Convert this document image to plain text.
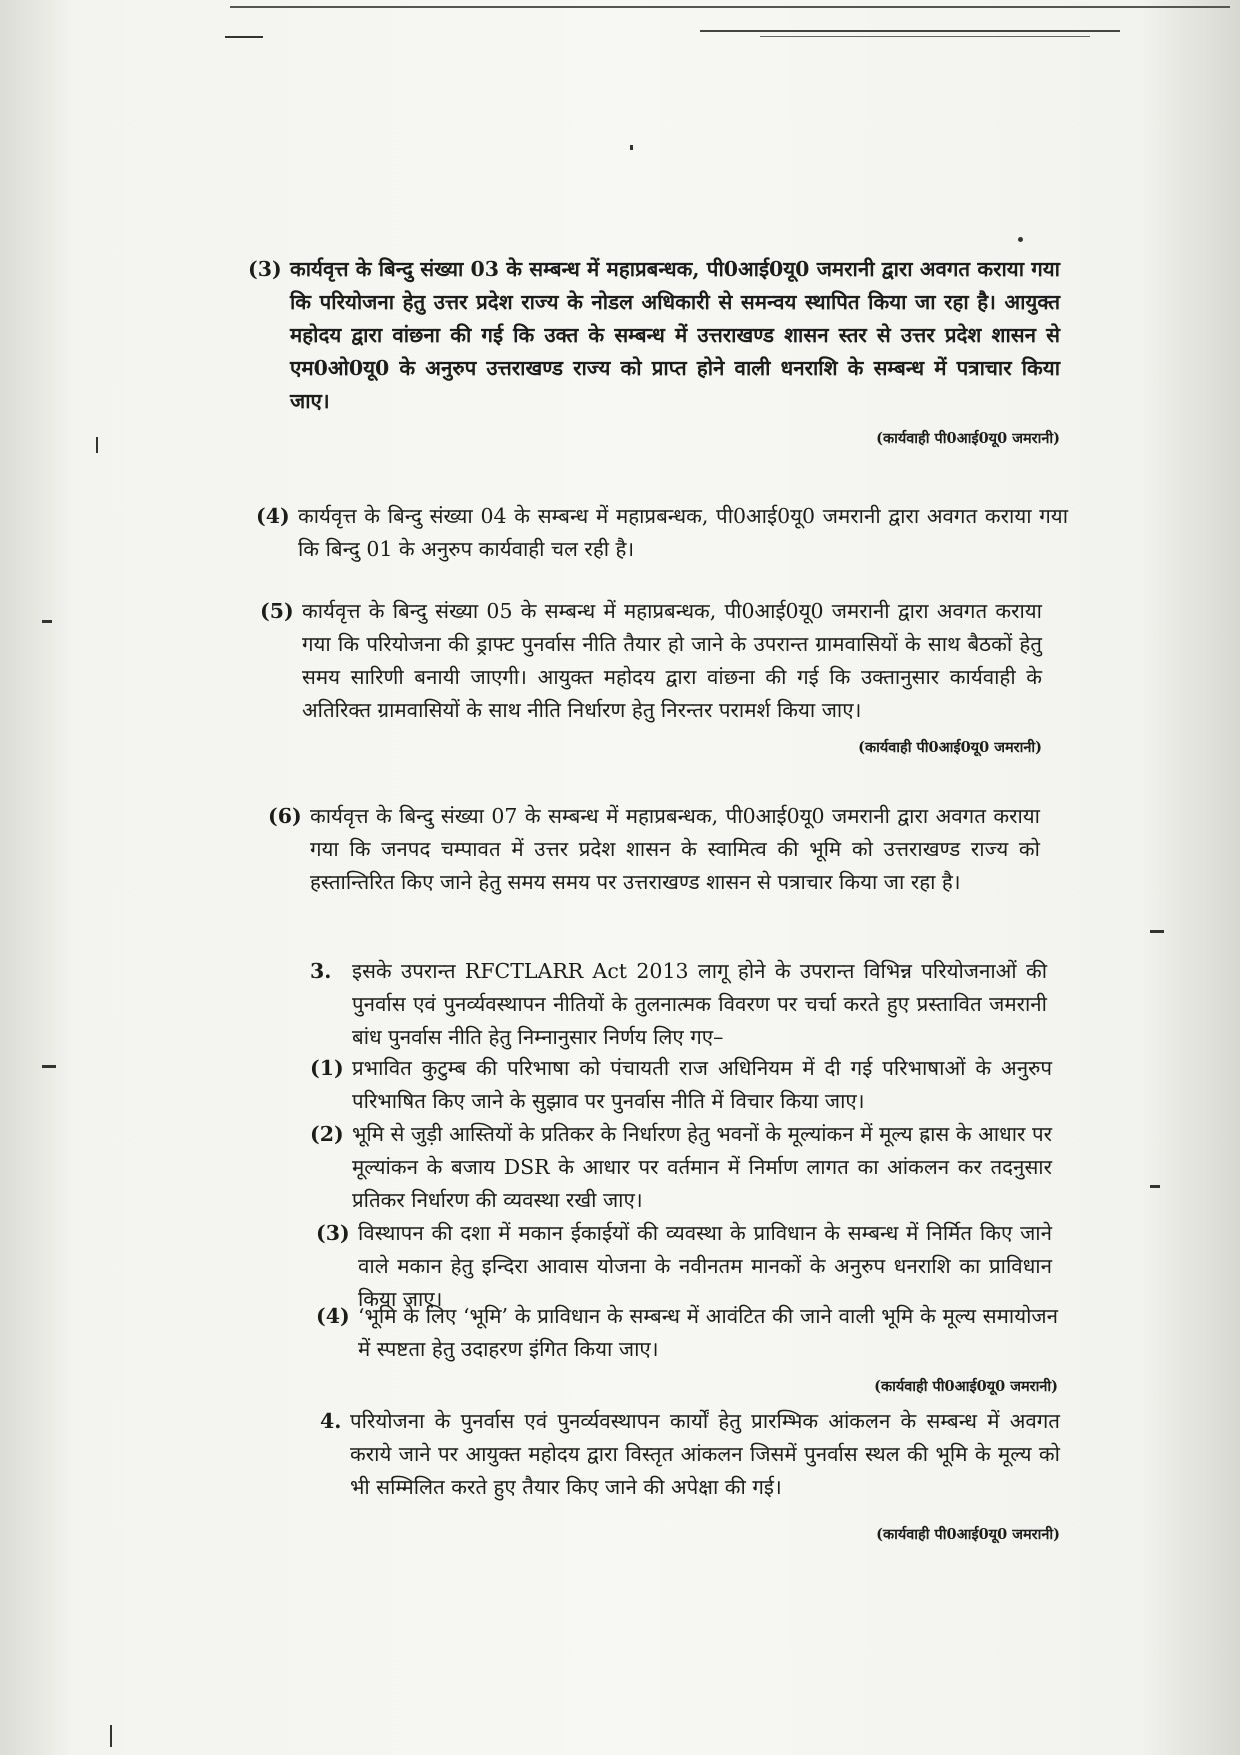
(3) कार्यवृत्त के बिन्दु संख्या 03 के सम्बन्ध में महाप्रबन्धक, पी0आई0यू0 जमरानी द्वारा अवगत कराया गया कि परियोजना हेतु उत्तर प्रदेश राज्य के नोडल अधिकारी से समन्वय स्थापित किया जा रहा है। आयुक्त महोदय द्वारा वांछना की गई कि उक्त के सम्बन्ध में उत्तराखण्ड शासन स्तर से उत्तर प्रदेश शासन से एम0ओ0यू0 के अनुरुप उत्तराखण्ड राज्य को प्राप्त होने वाली धनराशि के सम्बन्ध में पत्राचार किया जाए।
(कार्यवाही पी0आई0यू0 जमरानी)
(4) कार्यवृत्त के बिन्दु संख्या 04 के सम्बन्ध में महाप्रबन्धक, पी0आई0यू0 जमरानी द्वारा अवगत कराया गया कि बिन्दु 01 के अनुरुप कार्यवाही चल रही है।
(5) कार्यवृत्त के बिन्दु संख्या 05 के सम्बन्ध में महाप्रबन्धक, पी0आई0यू0 जमरानी द्वारा अवगत कराया गया कि परियोजना की ड्राफ्ट पुनर्वास नीति तैयार हो जाने के उपरान्त ग्रामवासियों के साथ बैठकों हेतु समय सारिणी बनायी जाएगी। आयुक्त महोदय द्वारा वांछना की गई कि उक्तानुसार कार्यवाही के अतिरिक्त ग्रामवासियों के साथ नीति निर्धारण हेतु निरन्तर परामर्श किया जाए।
(कार्यवाही पी0आई0यू0 जमरानी)
(6) कार्यवृत्त के बिन्दु संख्या 07 के सम्बन्ध में महाप्रबन्धक, पी0आई0यू0 जमरानी द्वारा अवगत कराया गया कि जनपद चम्पावत में उत्तर प्रदेश शासन के स्वामित्व की भूमि को उत्तराखण्ड राज्य को हस्तान्तिरित किए जाने हेतु समय समय पर उत्तराखण्ड शासन से पत्राचार किया जा रहा है।
3. इसके उपरान्त RFCTLARR Act 2013 लागू होने के उपरान्त विभिन्न परियोजनाओं की पुनर्वास एवं पुनर्व्यवस्थापन नीतियों के तुलनात्मक विवरण पर चर्चा करते हुए प्रस्तावित जमरानी बांध पुनर्वास नीति हेतु निम्नानुसार निर्णय लिए गए–
(1) प्रभावित कुटुम्ब की परिभाषा को पंचायती राज अधिनियम में दी गई परिभाषाओं के अनुरुप परिभाषित किए जाने के सुझाव पर पुनर्वास नीति में विचार किया जाए।
(2) भूमि से जुड़ी आस्तियों के प्रतिकर के निर्धारण हेतु भवनों के मूल्यांकन में मूल्य ह्रास के आधार पर मूल्यांकन के बजाय DSR के आधार पर वर्तमान में निर्माण लागत का आंकलन कर तदनुसार प्रतिकर निर्धारण की व्यवस्था रखी जाए।
(3) विस्थापन की दशा में मकान ईकाईयों की व्यवस्था के प्राविधान के सम्बन्ध में निर्मित किए जाने वाले मकान हेतु इन्दिरा आवास योजना के नवीनतम मानकों के अनुरुप धनराशि का प्राविधान किया जाए।
(4) ‘भूमि के लिए ‘भूमि’ के प्राविधान के सम्बन्ध में आवंटित की जाने वाली भूमि के मूल्य समायोजन में स्पष्टता हेतु उदाहरण इंगित किया जाए।
(कार्यवाही पी0आई0यू0 जमरानी)
4. परियोजना के पुनर्वास एवं पुनर्व्यवस्थापन कार्यों हेतु प्रारम्भिक आंकलन के सम्बन्ध में अवगत कराये जाने पर आयुक्त महोदय द्वारा विस्तृत आंकलन जिसमें पुनर्वास स्थल की भूमि के मूल्य को भी सम्मिलित करते हुए तैयार किए जाने की अपेक्षा की गई।
(कार्यवाही पी0आई0यू0 जमरानी)
